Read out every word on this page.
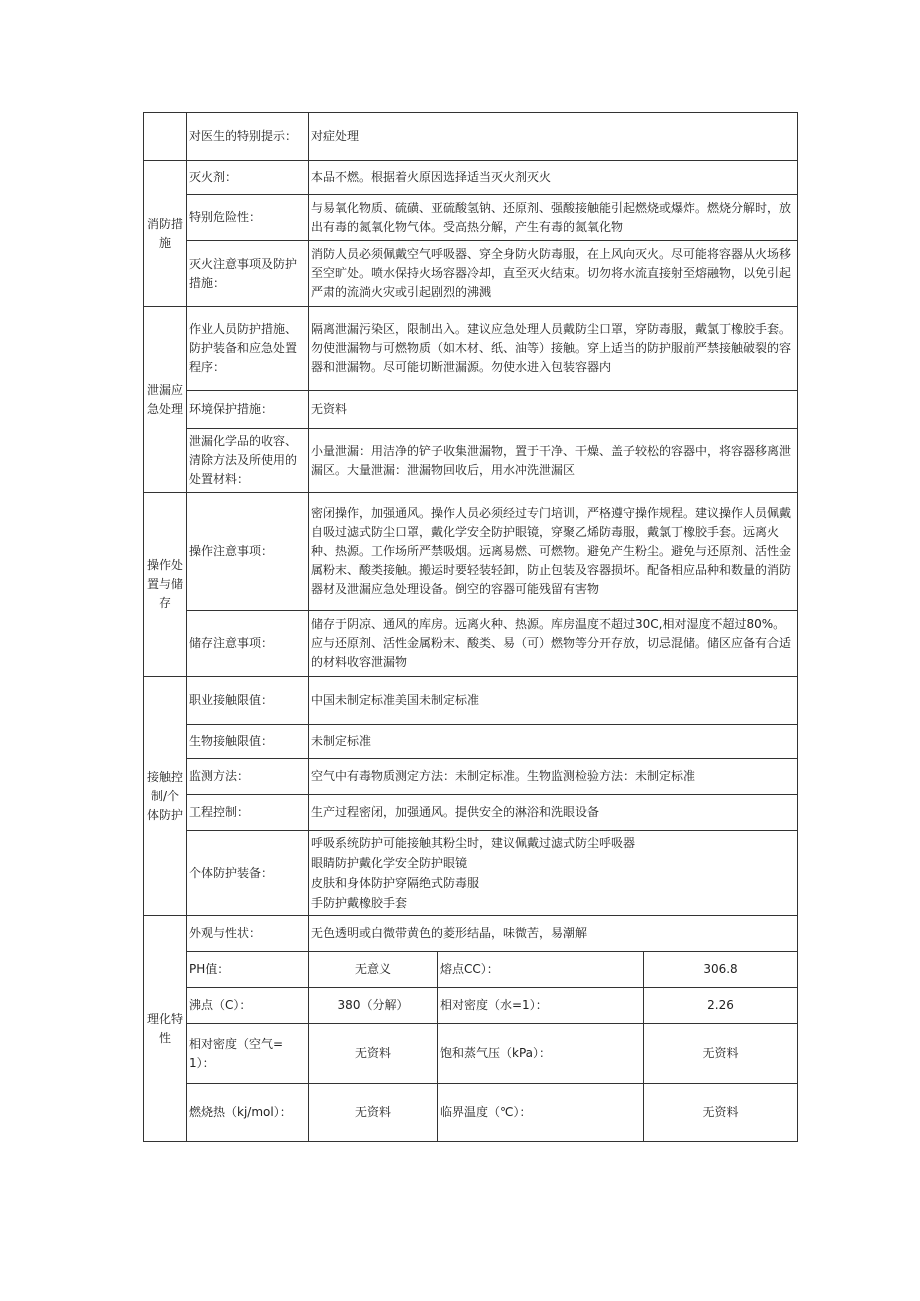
	对医生的特别提示：	对症处理		
消防措施	灭火剂：	本品不燃。根据着火原因选择适当灭火剂灭火		
	特别危险性：	与易氧化物质、硫磺、亚硫酸氢钠、还原剂、强酸接触能引起燃烧或爆炸。燃烧分解时，放出有毒的氮氧化物气体。受高热分解，产生有毒的氮氧化物		
	灭火注意事项及防护措施：	消防人员必须佩戴空气呼吸器、穿全身防火防毒服，在上风向灭火。尽可能将容器从火场移至空旷处。喷水保持火场容器冷却，直至灭火结束。切勿将水流直接射至熔融物，以免引起严肃的流淌火灾或引起剧烈的沸溅		
泄漏应急处理	作业人员防护措施、防护装备和应急处置程序：	隔离泄漏污染区，限制出入。建议应急处理人员戴防尘口罩，穿防毒服，戴氯丁橡胶手套。勿使泄漏物与可燃物质（如木材、纸、油等）接触。穿上适当的防护服前严禁接触破裂的容器和泄漏物。尽可能切断泄漏源。勿使水进入包装容器内		
	环境保护措施：	无资料		
	泄漏化学品的收容、清除方法及所使用的处置材料：	小量泄漏：用洁净的铲子收集泄漏物，置于干净、干燥、盖子较松的容器中，将容器移离泄漏区。大量泄漏：泄漏物回收后，用水冲洗泄漏区		
操作处置与储存	操作注意事项：	密闭操作，加强通风。操作人员必须经过专门培训，严格遵守操作规程。建议操作人员佩戴自吸过滤式防尘口罩，戴化学安全防护眼镜，穿聚乙烯防毒服，戴氯丁橡胶手套。远离火种、热源。工作场所严禁吸烟。远离易燃、可燃物。避免产生粉尘。避免与还原剂、活性金属粉末、酸类接触。搬运时要轻装轻卸，防止包装及容器损坏。配备相应品种和数量的消防器材及泄漏应急处理设备。倒空的容器可能残留有害物		
	储存注意事项：	储存于阴凉、通风的库房。远离火种、热源。库房温度不超过30C,相对湿度不超过80%。应与还原剂、活性金属粉末、酸类、易（可）燃物等分开存放，切忌混储。储区应备有合适的材料收容泄漏物		
接触控制/个体防护	职业接触限值：	中国未制定标准美国未制定标准		
	生物接触限值：	未制定标准		
	监测方法：	空气中有毒物质测定方法：未制定标准。生物监测检验方法：未制定标准		
	工程控制：	生产过程密闭，加强通风。提供安全的淋浴和洗眼设备		
	个体防护装备：	呼吸系统防护可能接触其粉尘时，建议佩戴过滤式防尘呼吸器
眼睛防护戴化学安全防护眼镜
皮肤和身体防护穿隔绝式防毒服
手防护戴橡胶手套		

理化特性	外观与性状：	无色透明或白微带黄色的菱形结晶，味微苦，易潮解		
	PH值：	无意义	熔点CC）：	306.8
	沸点（C）：	380（分解）	相对密度（水=1）：	2.26
	相对密度（空气=1）：	无资料	饱和蒸气压（kPa）：	无资料
	燃烧热（kj/mol）：	无资料	临界温度（℃）：	无资料
